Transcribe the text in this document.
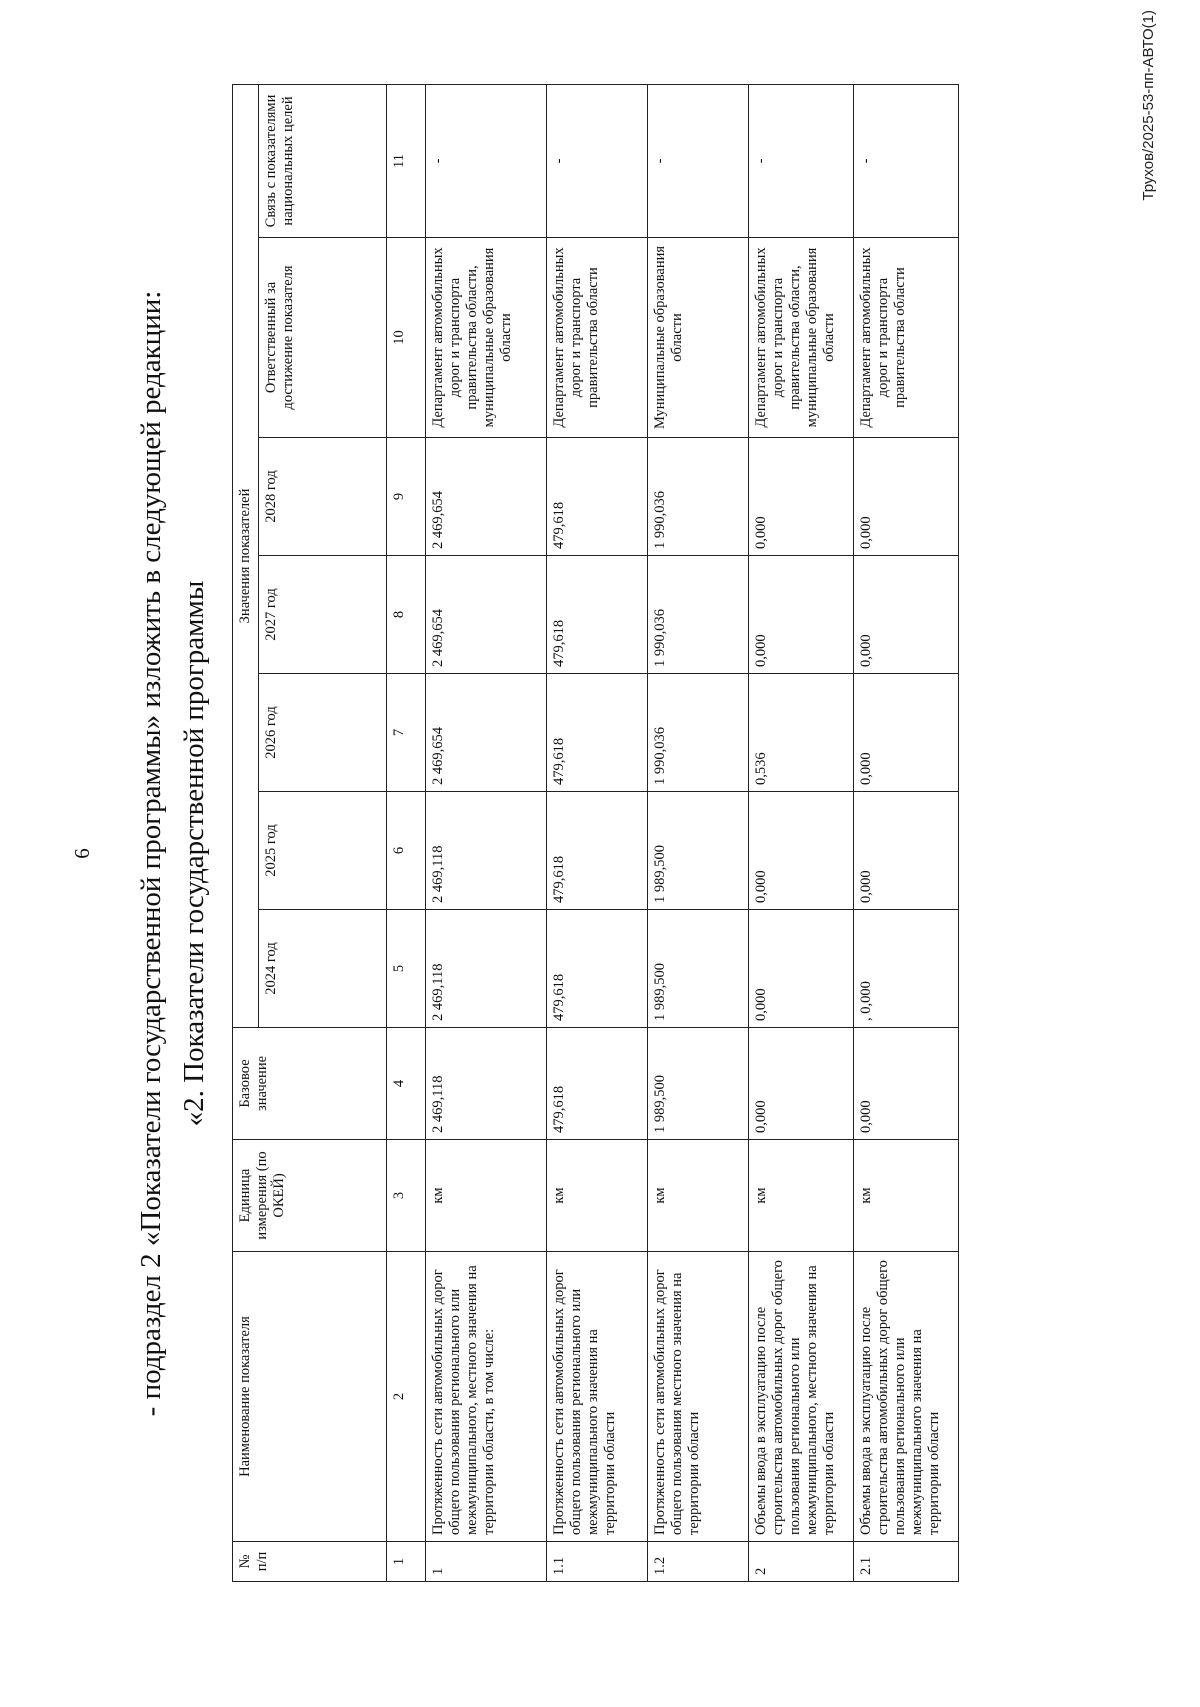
6 - подраздел 2 «Показатели государственной программы» изложить в следующей редакции: «2. Показатели государственной программы
№ п/п	Наименование показателя	Единица измерения (по ОКЕЙ)	Базовое значение	Значения показателей						
				2024 год	2025 год	2026 год	2027 год	2028 год	Ответственный за достижение показателя	Связь с показателями национальных целей
1	2	3	4	5	6	7	8	9	10	11
1	Протяженность сети автомобильных дорог общего пользования регионального или межмуниципального, местного значения на территории области, в том числе:	км	2 469,118	2 469,118	2 469,118	2 469,654	2 469,654	2 469,654	Департамент автомобильных дорог и транспорта правительства области, муниципальные образования области	-
1.1	Протяженность сети автомобильных дорог общего пользования регионального или межмуниципального значения на территории области	км	479,618	479,618	479,618	479,618	479,618	479,618	Департамент автомобильных дорог и транспорта правительства области	-
1.2	Протяженность сети автомобильных дорог общего пользования местного значения на территории области	км	1 989,500	1 989,500	1 989,500	1 990,036	1 990,036	1 990,036	Муниципальные образования области	-
2	Объемы ввода в эксплуатацию после строительства автомобильных дорог общего пользования регионального или межмуниципального, местного значения на территории области	км	0,000	0,000	0,000	0,536	0,000	0,000	Департамент автомобильных дорог и транспорта правительства области, муниципальные образования области	-
2.1	Объемы ввода в эксплуатацию после строительства автомобильных дорог общего пользования регионального или межмуниципального значения на территории области	км	0,000	, 0,000	0,000	0,000	0,000	0,000	Департамент автомобильных дорог и транспорта правительства области	-	Трухов/2025-53-пп-АВТО(1)
